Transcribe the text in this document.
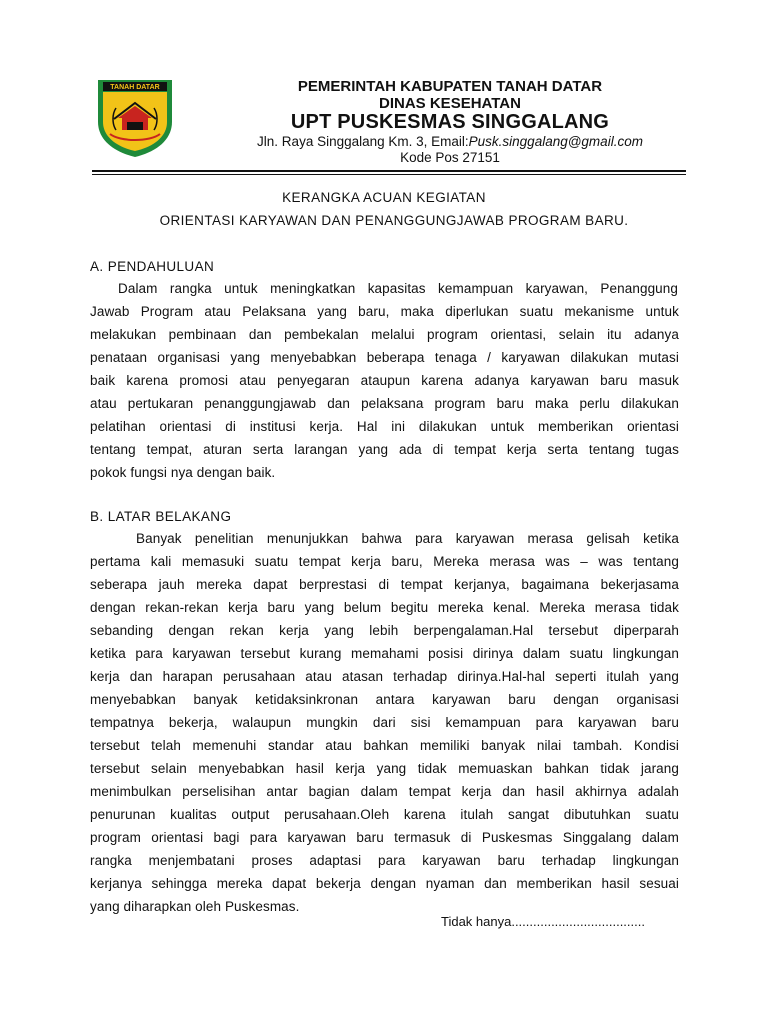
TANAH DATAR	PEMERINTAH KABUPATEN TANAH DATAR
DINAS KESEHATAN
UPT PUSKESMAS SINGGALANG
Jln. Raya Singgalang Km. 3, Email:Pusk.singgalang@gmail.com
Kode Pos 27151
KERANGKA ACUAN KEGIATAN
ORIENTASI KARYAWAN DAN PENANGGUNGJAWAB PROGRAM BARU.
A. PENDAHULUAN
Dalam rangka untuk meningkatkan kapasitas kemampuan karyawan, Penanggung
Jawab Program atau Pelaksana yang baru, maka diperlukan suatu mekanisme untuk
melakukan pembinaan dan pembekalan melalui program orientasi, selain itu adanya
penataan organisasi yang menyebabkan beberapa tenaga / karyawan dilakukan mutasi
baik karena promosi atau penyegaran ataupun karena adanya karyawan baru masuk
atau pertukaran penanggungjawab dan pelaksana program baru maka perlu dilakukan
pelatihan orientasi di institusi kerja. Hal ini dilakukan untuk memberikan orientasi
tentang tempat, aturan serta larangan yang ada di tempat kerja serta tentang tugas
pokok fungsi nya dengan baik.
B. LATAR BELAKANG
Banyak penelitian menunjukkan bahwa para karyawan merasa gelisah ketika
pertama kali memasuki suatu tempat kerja baru, Mereka merasa was – was tentang
seberapa jauh mereka dapat berprestasi di tempat kerjanya, bagaimana bekerjasama
dengan rekan-rekan kerja baru yang belum begitu mereka kenal. Mereka merasa tidak
sebanding dengan rekan kerja yang lebih berpengalaman.Hal tersebut diperparah
ketika para karyawan tersebut kurang memahami posisi dirinya dalam suatu lingkungan
kerja dan harapan perusahaan atau atasan terhadap dirinya.Hal-hal seperti itulah yang
menyebabkan banyak ketidaksinkronan antara karyawan baru dengan organisasi
tempatnya bekerja, walaupun mungkin dari sisi kemampuan para karyawan baru
tersebut telah memenuhi standar atau bahkan memiliki banyak nilai tambah. Kondisi
tersebut selain menyebabkan hasil kerja yang tidak memuaskan bahkan tidak jarang
menimbulkan perselisihan antar bagian dalam tempat kerja dan hasil akhirnya adalah
penurunan kualitas output perusahaan.Oleh karena itulah sangat dibutuhkan suatu
program orientasi bagi para karyawan baru termasuk di Puskesmas Singgalang dalam
rangka menjembatani proses adaptasi para karyawan baru terhadap lingkungan
kerjanya sehingga mereka dapat bekerja dengan nyaman dan memberikan hasil sesuai
yang diharapkan oleh Puskesmas.
Tidak hanya.....................................
